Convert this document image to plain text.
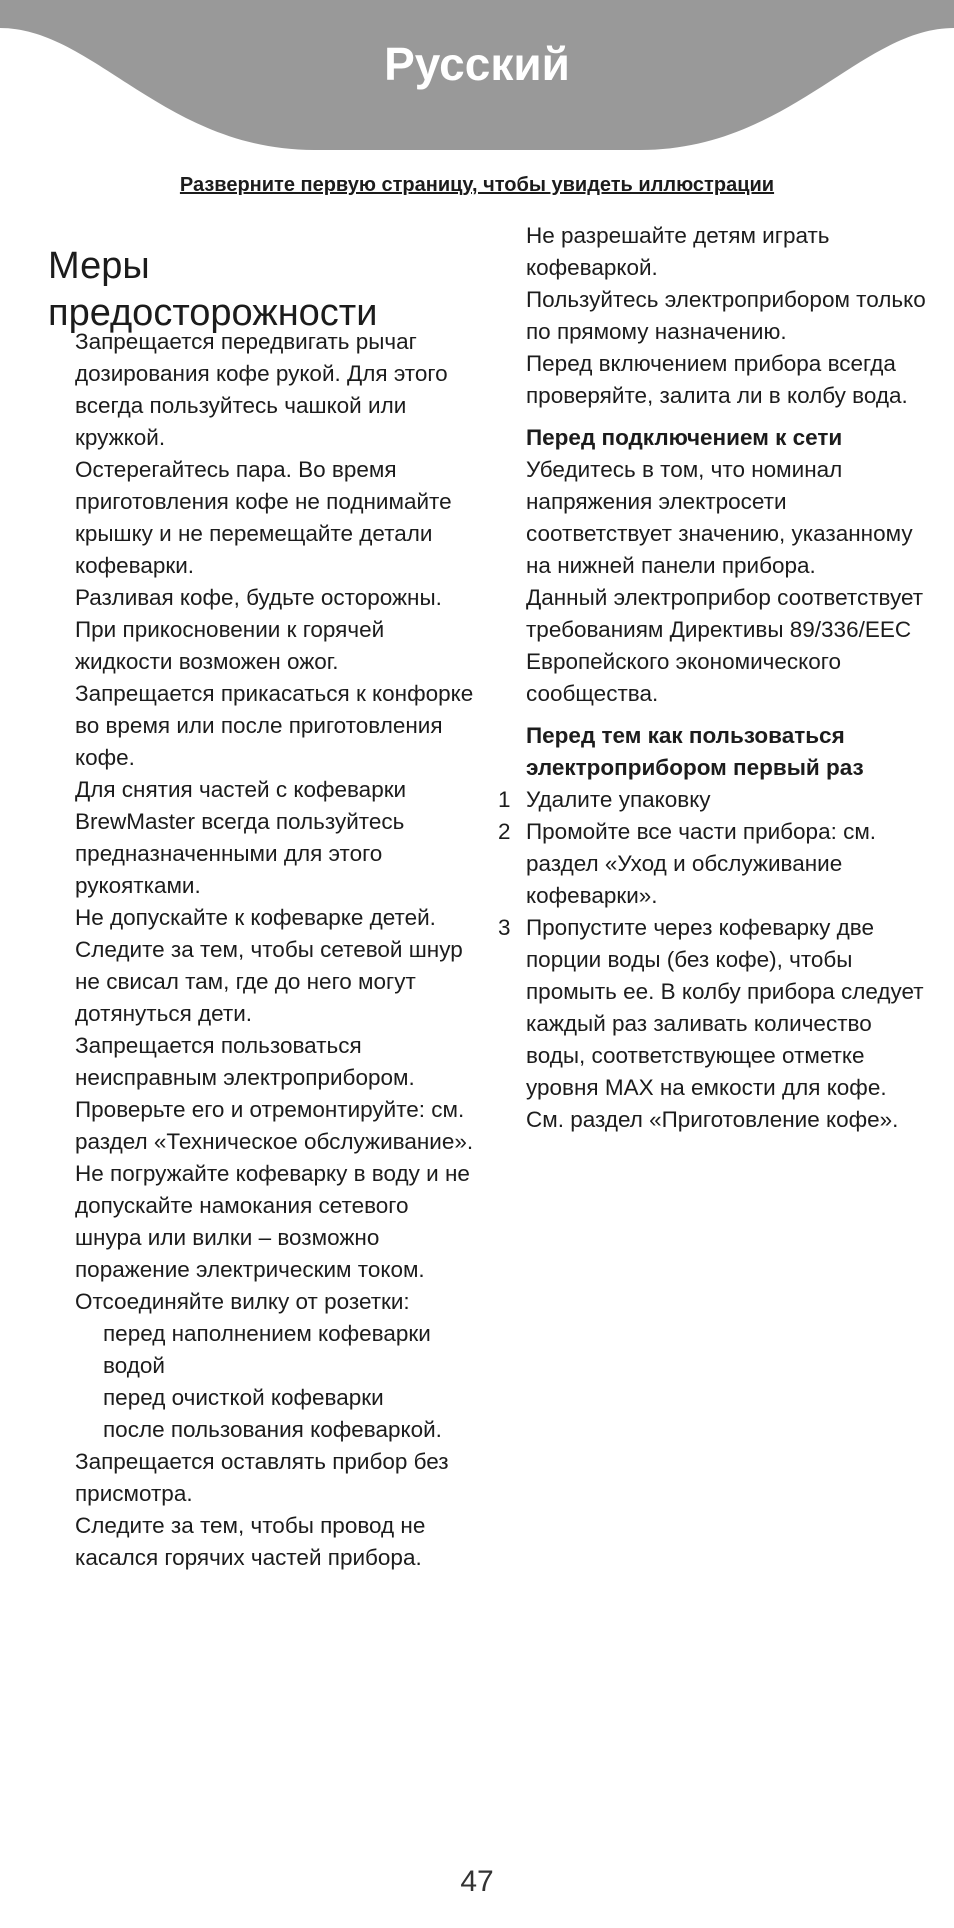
Русский
Разверните первую страницу, чтобы увидеть иллюстрации
Меры
предосторожности

Запрещается передвигать рычаг дозирования кофе рукой. Для этого всегда пользуйтесь чашкой или кружкой.

Остерегайтесь пара. Во время приготовления кофе не поднимайте крышку и не перемещайте детали кофеварки.

Разливая кофе, будьте осторожны. При прикосновении к горячей жидкости возможен ожог.

Запрещается прикасаться к конфорке во время или после приготовления кофе.

Для снятия частей с кофеварки BrewMaster всегда пользуйтесь предназначенными для этого рукоятками.

Не допускайте к кофеварке детей. Следите за тем, чтобы сетевой шнур не свисал там, где до него могут дотянуться дети.

Запрещается пользоваться неисправным электроприбором. Проверьте его и отремонтируйте: см. раздел «Техническое обслуживание».

Не погружайте кофеварку в воду и не допускайте намокания сетевого шнура или вилки – возможно поражение электрическим током.

Отсоединяйте вилку от розетки:

перед наполнением кофеварки водой

перед очисткой кофеварки

после пользования кофеваркой.

Запрещается оставлять прибор без присмотра.

Следите за тем, чтобы провод не касался горячих частей прибора.

Не разрешайте детям играть кофеваркой.

Пользуйтесь электроприбором только по прямому назначению.

Перед включением прибора всегда проверяйте, залита ли в колбу вода.

Перед подключением к сети

Убедитесь в том, что номинал напряжения электросети соответствует значению, указанному на нижней панели прибора.

Данный электроприбор соответствует требованиям Директивы 89/336/EEC Европейского экономического сообщества.

Перед тем как пользоваться электроприбором первый раз

1 Удалите упаковку
2 Промойте все части прибора: см. раздел «Уход и обслуживание кофеварки».
3 Пропустите через кофеварку две порции воды (без кофе), чтобы промыть ее. В колбу прибора следует каждый раз заливать количество воды, соответствующее отметке уровня MAX на емкости для кофе. См. раздел «Приготовление кофе».
47
